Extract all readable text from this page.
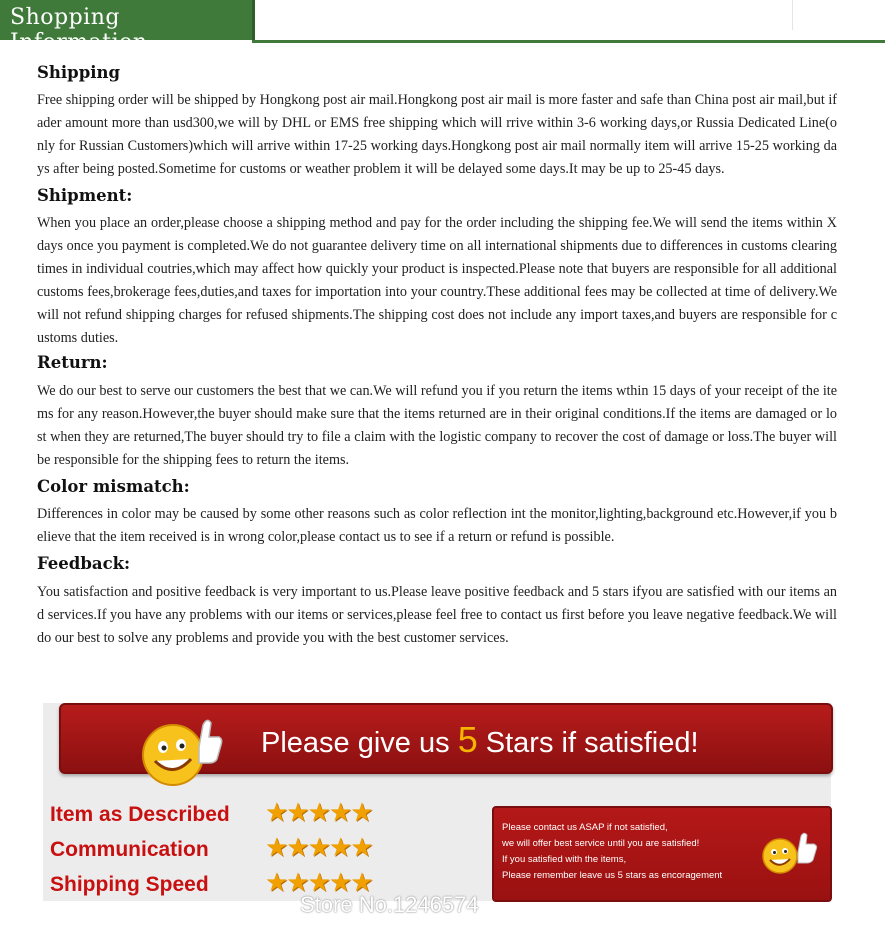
Shopping Information
Shipping

Free shipping order will be shipped by Hongkong post air mail.Hongkong post air mail is more faster and safe than China post air mail,but if ader amount more than usd300,we will by DHL or EMS free shipping which will rrive within 3-6 working days,or Russia Dedicated Line(only for Russian Customers)which will arrive within 17-25 working days.Hongkong post air mail normally item will arrive 15-25 working days after being posted.Sometime for customs or weather problem it will be delayed some days.It may be up to 25-45 days.

Shipment:

When you place an order,please choose a shipping method and pay for the order including the shipping fee.We will send the items within X days once you payment is completed.We do not guarantee delivery time on all international shipments due to differences in customs clearing times in individual coutries,which may affect how quickly your product is inspected.Please note that buyers are responsible for all additional customs fees,brokerage fees,duties,and taxes for importation into your country.These additional fees may be collected at time of delivery.We will not refund shipping charges for refused shipments.The shipping cost does not include any import taxes,and buyers are responsible for customs duties.

Return:

We do our best to serve our customers the best that we can.We will refund you if you return the items wthin 15 days of your receipt of the items for any reason.However,the buyer should make sure that the items returned are in their original conditions.If the items are damaged or lost when they are returned,The buyer should try to file a claim with the logistic company to recover the cost of damage or loss.The buyer will be responsible for the shipping fees to return the items.

Color mismatch:

Differences in color may be caused by some other reasons such as color reflection int the monitor,lighting,background etc.However,if you believe that the item received is in wrong color,please contact us to see if a return or refund is possible.

Feedback:

You satisfaction and positive feedback is very important to us.Please leave positive feedback and 5 stars ifyou are satisfied with our items and services.If you have any problems with our items or services,please feel free to contact us first before you leave negative feedback.We will do our best to solve any problems and provide you with the best customer services.

Please give us 5 Stars if satisfied!
Item as Described ★★★★★
Communication ★★★★★
Shipping Speed ★★★★★
Please contact us ASAP if not satisfied,
we will offer best service until you are satisfied!
If you satisfied with the items,
Please remember leave us 5 stars as encoragement
Store No.1246574
